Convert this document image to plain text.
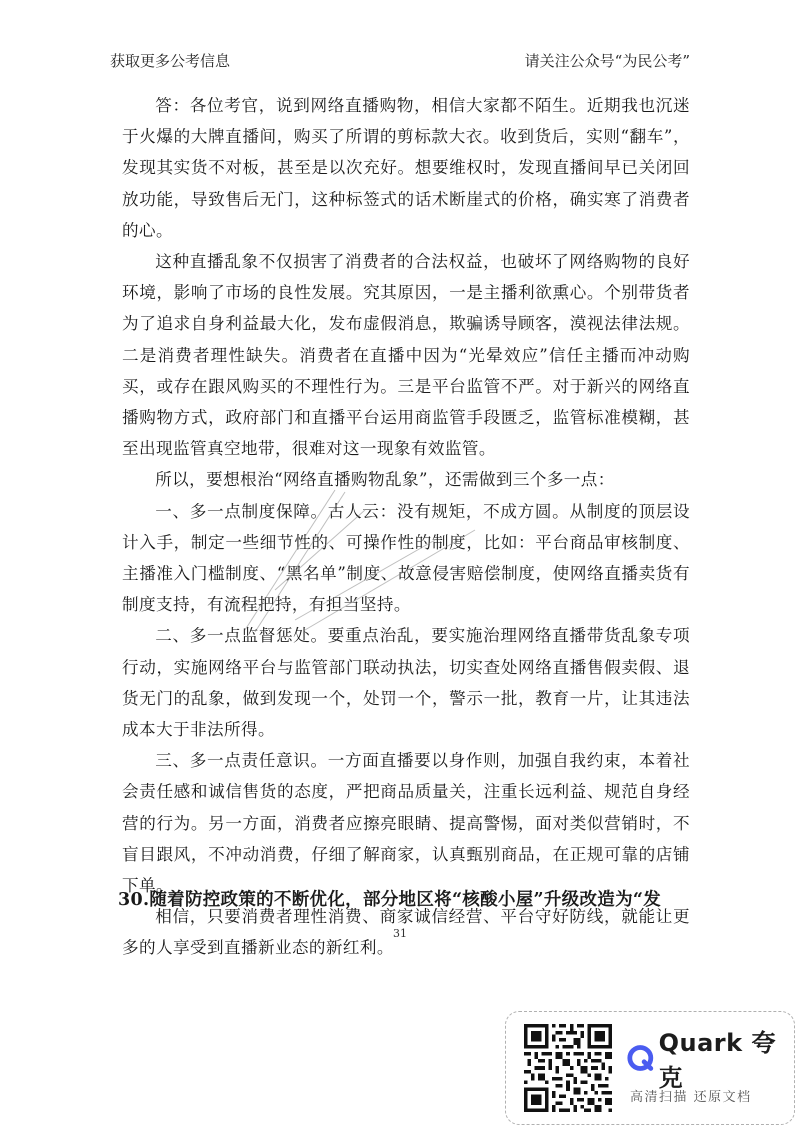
获取更多公考信息	请关注公众号“为民公考”

答：各位考官，说到网络直播购物，相信大家都不陌生。近期我也沉迷于火爆的大牌直播间，购买了所谓的剪标款大衣。收到货后，实则“翻车”，发现其实货不对板，甚至是以次充好。想要维权时，发现直播间早已关闭回放功能，导致售后无门，这种标签式的话术断崖式的价格，确实寒了消费者的心。

这种直播乱象不仅损害了消费者的合法权益，也破坏了网络购物的良好环境，影响了市场的良性发展。究其原因，一是主播利欲熏心。个别带货者为了追求自身利益最大化，发布虚假消息，欺骗诱导顾客，漠视法律法规。二是消费者理性缺失。消费者在直播中因为“光晕效应”信任主播而冲动购买，或存在跟风购买的不理性行为。三是平台监管不严。对于新兴的网络直播购物方式，政府部门和直播平台运用商监管手段匮乏，监管标准模糊，甚至出现监管真空地带，很难对这一现象有效监管。

所以，要想根治“网络直播购物乱象”，还需做到三个多一点：

一、多一点制度保障。古人云：没有规矩，不成方圆。从制度的顶层设计入手，制定一些细节性的、可操作性的制度，比如：平台商品审核制度、主播准入门槛制度、“黑名单”制度、故意侵害赔偿制度，使网络直播卖货有制度支持，有流程把持，有担当坚持。

二、多一点监督惩处。要重点治乱，要实施治理网络直播带货乱象专项行动，实施网络平台与监管部门联动执法，切实查处网络直播售假卖假、退货无门的乱象，做到发现一个，处罚一个，警示一批，教育一片，让其违法成本大于非法所得。

三、多一点责任意识。一方面直播要以身作则，加强自我约束，本着社会责任感和诚信售货的态度，严把商品质量关，注重长远利益、规范自身经营的行为。另一方面，消费者应擦亮眼睛、提高警惕，面对类似营销时，不盲目跟风，不冲动消费，仔细了解商家，认真甄别商品，在正规可靠的店铺下单。

相信，只要消费者理性消费、商家诚信经营、平台守好防线，就能让更多的人享受到直播新业态的新红利。

30.随着防控政策的不断优化，部分地区将“核酸小屋”升级改造为“发
31
Quark 夸克
高清扫描 还原文档
